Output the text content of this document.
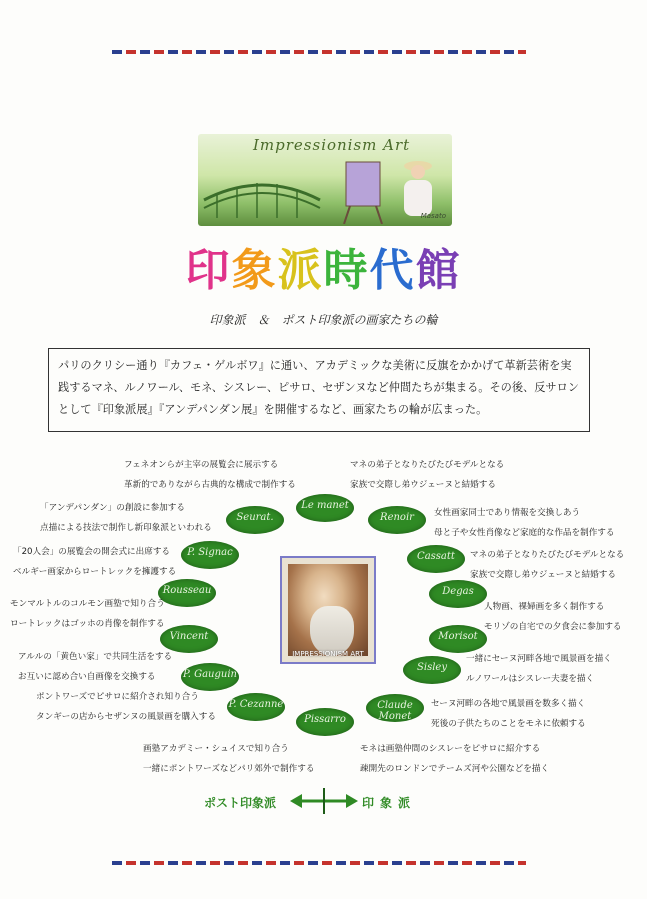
Impressionism Art
Masato
印象派時代館
印象派　＆　ポスト印象派の画家たちの輪
パリのクリシー通り『カフェ・ゲルボワ』に通い、アカデミックな美術に反旗をかかげて革新芸術を実践するマネ、ルノワール、モネ、シスレー、ピサロ、セザンヌなど仲間たちが集まる。その後、反サロンとして『印象派展』『アンデパンダン展』を開催するなど、画家たちの輪が広まった。
Seurat.
Le manet
Renoir
P. Signac	Cassatt
Rousseau	Degas
Vincent	Morisot
P. Gauguin
Sisley
P. Cezanne	Claude Monet
Pissarro
IMPRESSIONISM ART
フェネオンらが主宰の展覧会に展示する
革新的でありながら古典的な構成で制作する
マネの弟子となりたびたびモデルとなる
家族で交際し弟ウジェーヌと結婚する
「アンデパンダン」の創設に参加する
点描による技法で制作し新印象派といわれる
女性画家同士であり情報を交換しあう
母と子や女性肖像など家庭的な作品を制作する
「20人会」の展覧会の開会式に出席する
ベルギー画家からロートレックを擁護する
マネの弟子となりたびたびモデルとなる
家族で交際し弟ウジェーヌと結婚する
モンマルトルのコルモン画塾で知り合う
ロートレックはゴッホの肖像を制作する
人物画、裸婦画を多く制作する
モリゾの自宅での夕食会に参加する
アルルの「黄色い家」で共同生活をする
お互いに認め合い自画像を交換する
一緒にセーヌ河畔各地で風景画を描く
ルノワールはシスレー夫妻を描く
ポントワーズでピサロに紹介され知り合う
タンギーの店からセザンヌの風景画を購入する
セーヌ河畔の各地で風景画を数多く描く
死後の子供たちのことをモネに依頼する
画塾アカデミー・シュイスで知り合う
一緒にポントワーズなどパリ郊外で制作する
モネは画塾仲間のシスレーをピサロに紹介する
疎開先のロンドンでテームズ河や公園などを描く
ポスト印象派	印象派
